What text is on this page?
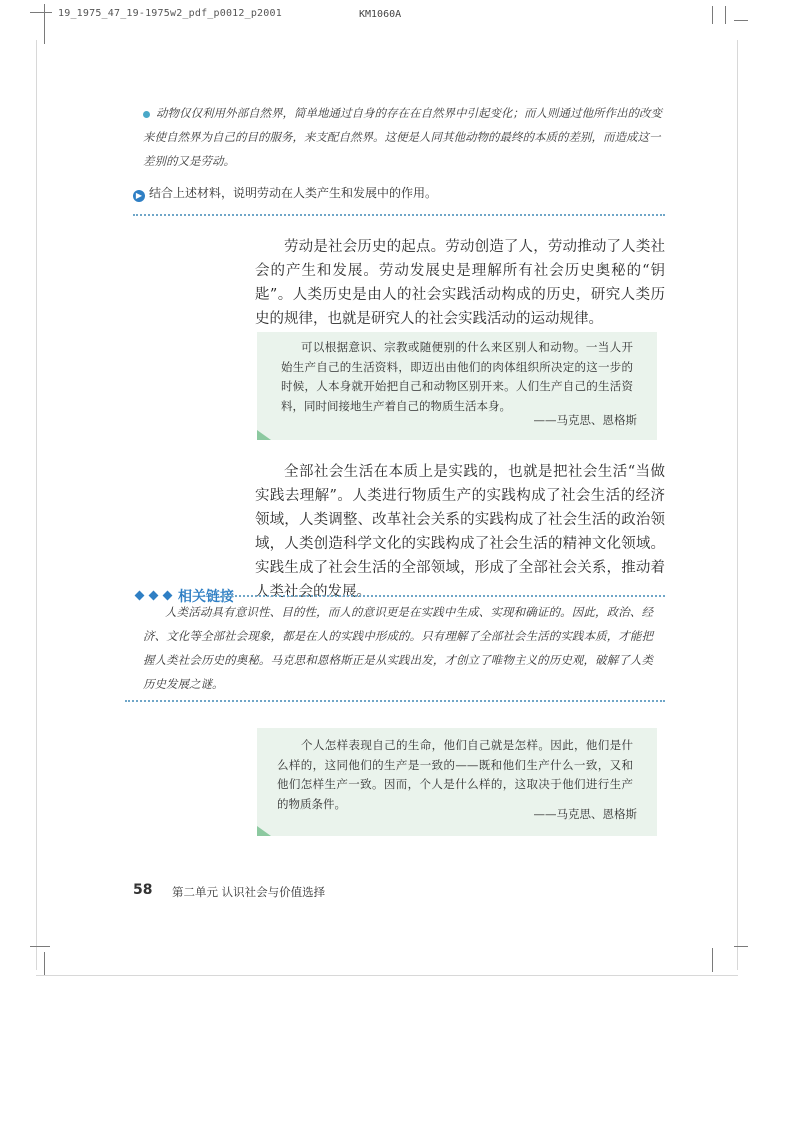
19_1975_47_19-1975w2_pdf_p0012_p2001	KM1060A
动物仅仅利用外部自然界，简单地通过自身的存在在自然界中引起变化；而人则通过他所作出的改变来使自然界为自己的目的服务，来支配自然界。这便是人同其他动物的最终的本质的差别，而造成这一差别的又是劳动。
▶ 结合上述材料，说明劳动在人类产生和发展中的作用。
劳动是社会历史的起点。劳动创造了人，劳动推动了人类社会的产生和发展。劳动发展史是理解所有社会历史奥秘的“钥匙”。人类历史是由人的社会实践活动构成的历史，研究人类历史的规律，也就是研究人的社会实践活动的运动规律。
可以根据意识、宗教或随便别的什么来区别人和动物。一当人开始生产自己的生活资料，即迈出由他们的肉体组织所决定的这一步的时候，人本身就开始把自己和动物区别开来。人们生产自己的生活资料，同时间接地生产着自己的物质生活本身。
——马克思、恩格斯
全部社会生活在本质上是实践的，也就是把社会生活“当做实践去理解”。人类进行物质生产的实践构成了社会生活的经济领域，人类调整、改革社会关系的实践构成了社会生活的政治领域，人类创造科学文化的实践构成了社会生活的精神文化领域。实践生成了社会生活的全部领域，形成了全部社会关系，推动着人类社会的发展。
相关链接
人类活动具有意识性、目的性，而人的意识更是在实践中生成、实现和确证的。因此，政治、经济、文化等全部社会现象，都是在人的实践中形成的。只有理解了全部社会生活的实践本质，才能把握人类社会历史的奥秘。马克思和恩格斯正是从实践出发，才创立了唯物主义的历史观，破解了人类历史发展之谜。
个人怎样表现自己的生命，他们自己就是怎样。因此，他们是什么样的，这同他们的生产是一致的——既和他们生产什么一致，又和他们怎样生产一致。因而，个人是什么样的，这取决于他们进行生产的物质条件。
——马克思、恩格斯
58 第二单元 认识社会与价值选择
